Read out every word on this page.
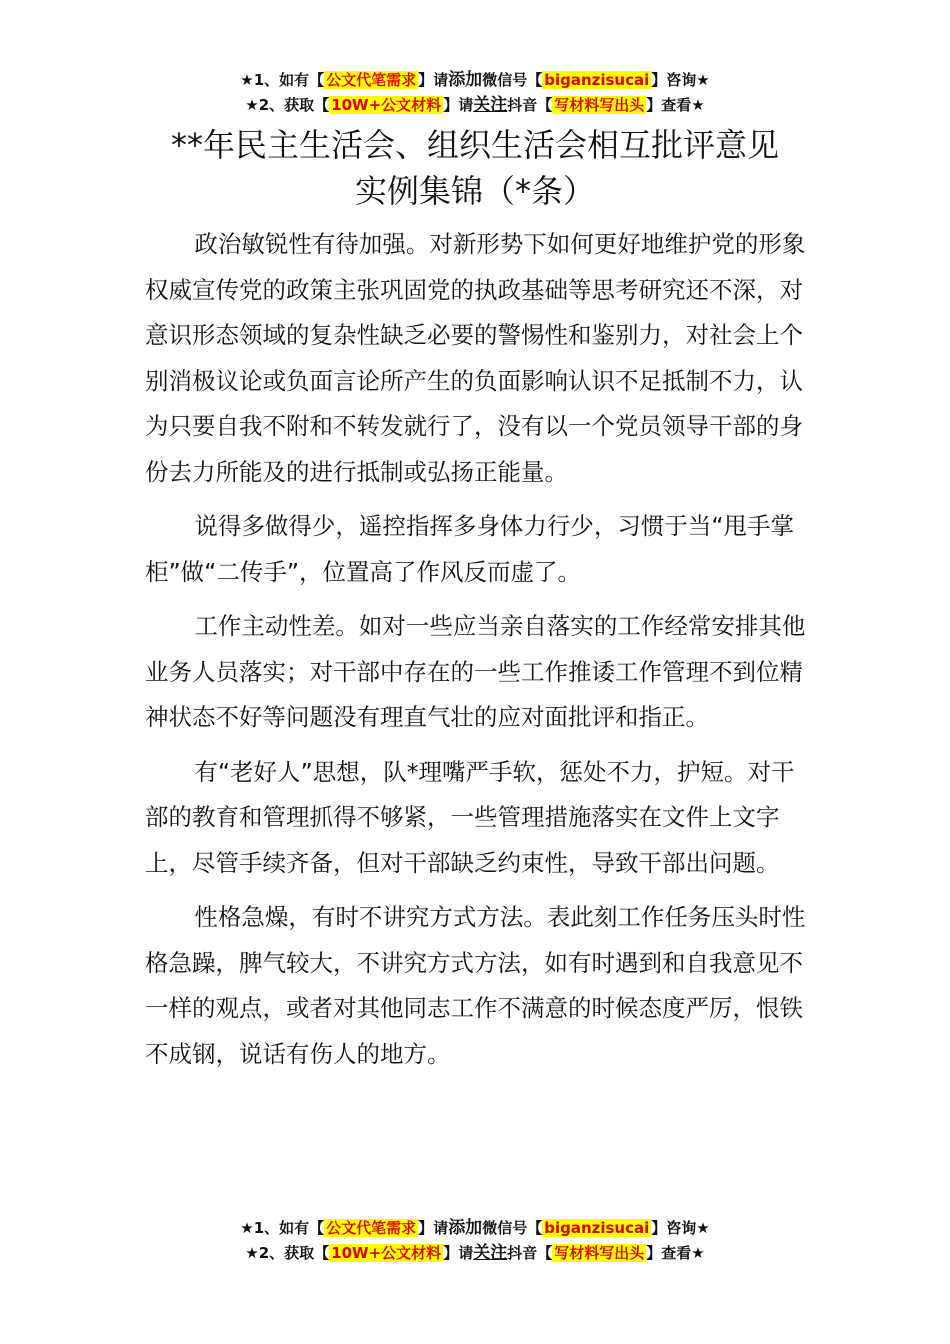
★1、如有【 公文代笔需求 】请添加微信号【 biganzisucai 】咨询★
★2、获取【 10W+公文材料 】请关注抖音【 写材料写出头 】查看★
**年民主生活会、组织生活会相互批评意见
实例集锦（*条）

政治敏锐性有待加强。对新形势下如何更好地维护党的形象权威宣传党的政策主张巩固党的执政基础等思考研究还不深，对意识形态领域的复杂性缺乏必要的警惕性和鉴别力，对社会上个别消极议论或负面言论所产生的负面影响认识不足抵制不力，认为只要自我不附和不转发就行了，没有以一个党员领导干部的身份去力所能及的进行抵制或弘扬正能量。

说得多做得少，遥控指挥多身体力行少，习惯于当“甩手掌柜”做“二传手”，位置高了作风反而虚了。

工作主动性差。如对一些应当亲自落实的工作经常安排其他业务人员落实；对干部中存在的一些工作推诿工作管理不到位精神状态不好等问题没有理直气壮的应对面批评和指正。

有“老好人”思想，队*理嘴严手软，惩处不力，护短。对干部的教育和管理抓得不够紧，一些管理措施落实在文件上文字上，尽管手续齐备，但对干部缺乏约束性，导致干部出问题。

性格急燥，有时不讲究方式方法。表此刻工作任务压头时性格急躁，脾气较大，不讲究方式方法，如有时遇到和自我意见不一样的观点，或者对其他同志工作不满意的时候态度严厉，恨铁不成钢，说话有伤人的地方。

★1、如有【 公文代笔需求 】请添加微信号【 biganzisucai 】咨询★
★2、获取【 10W+公文材料 】请关注抖音【 写材料写出头 】查看★
